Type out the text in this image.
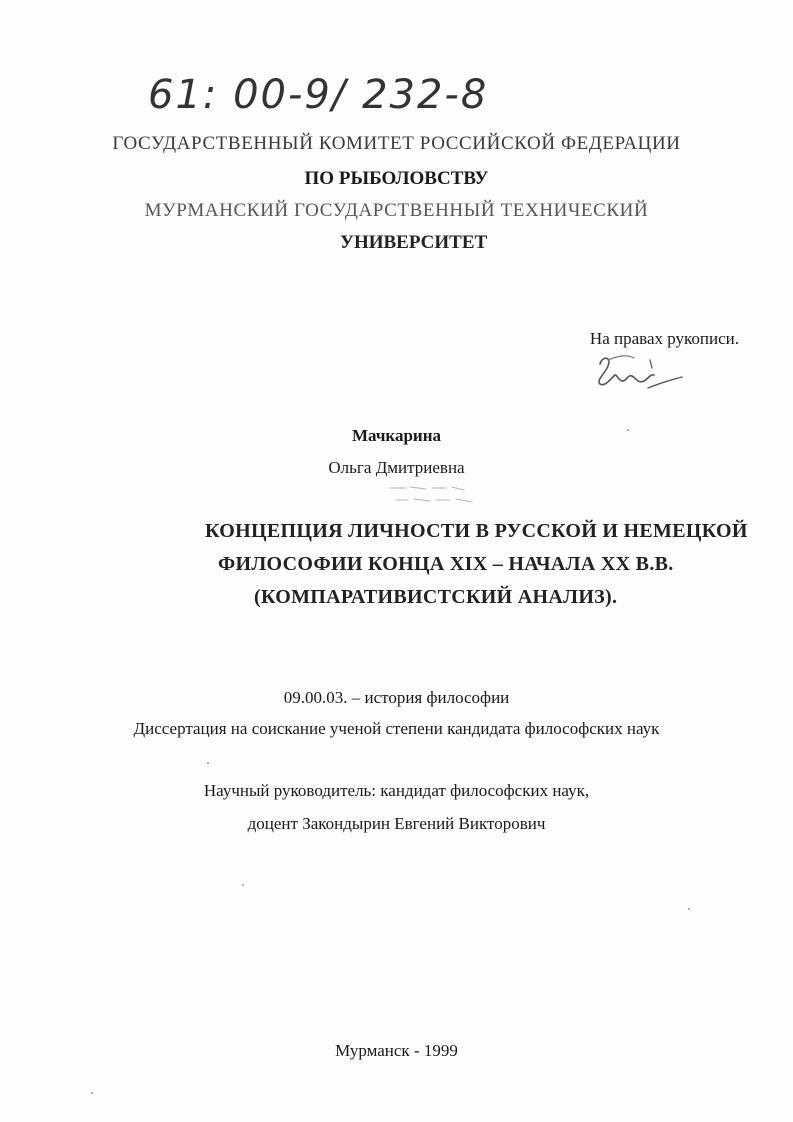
61: 00-9/ 232-8
ГОСУДАРСТВЕННЫЙ КОМИТЕТ РОССИЙСКОЙ ФЕДЕРАЦИИ
ПО РЫБОЛОВСТВУ
МУРМАНСКИЙ ГОСУДАРСТВЕННЫЙ ТЕХНИЧЕСКИЙ
УНИВЕРСИТЕТ
На правах рукописи.
Мачкарина
Ольга Дмитриевна
КОНЦЕПЦИЯ ЛИЧНОСТИ В РУССКОЙ И НЕМЕЦКОЙ
ФИЛОСОФИИ КОНЦА XIX – НАЧАЛА XX В.В.
(КОМПАРАТИВИСТСКИЙ АНАЛИЗ).
09.00.03. – история философии
Диссертация на соискание ученой степени кандидата философских наук
Научный руководитель: кандидат философских наук,
доцент Закондырин Евгений Викторович
Мурманск - 1999
